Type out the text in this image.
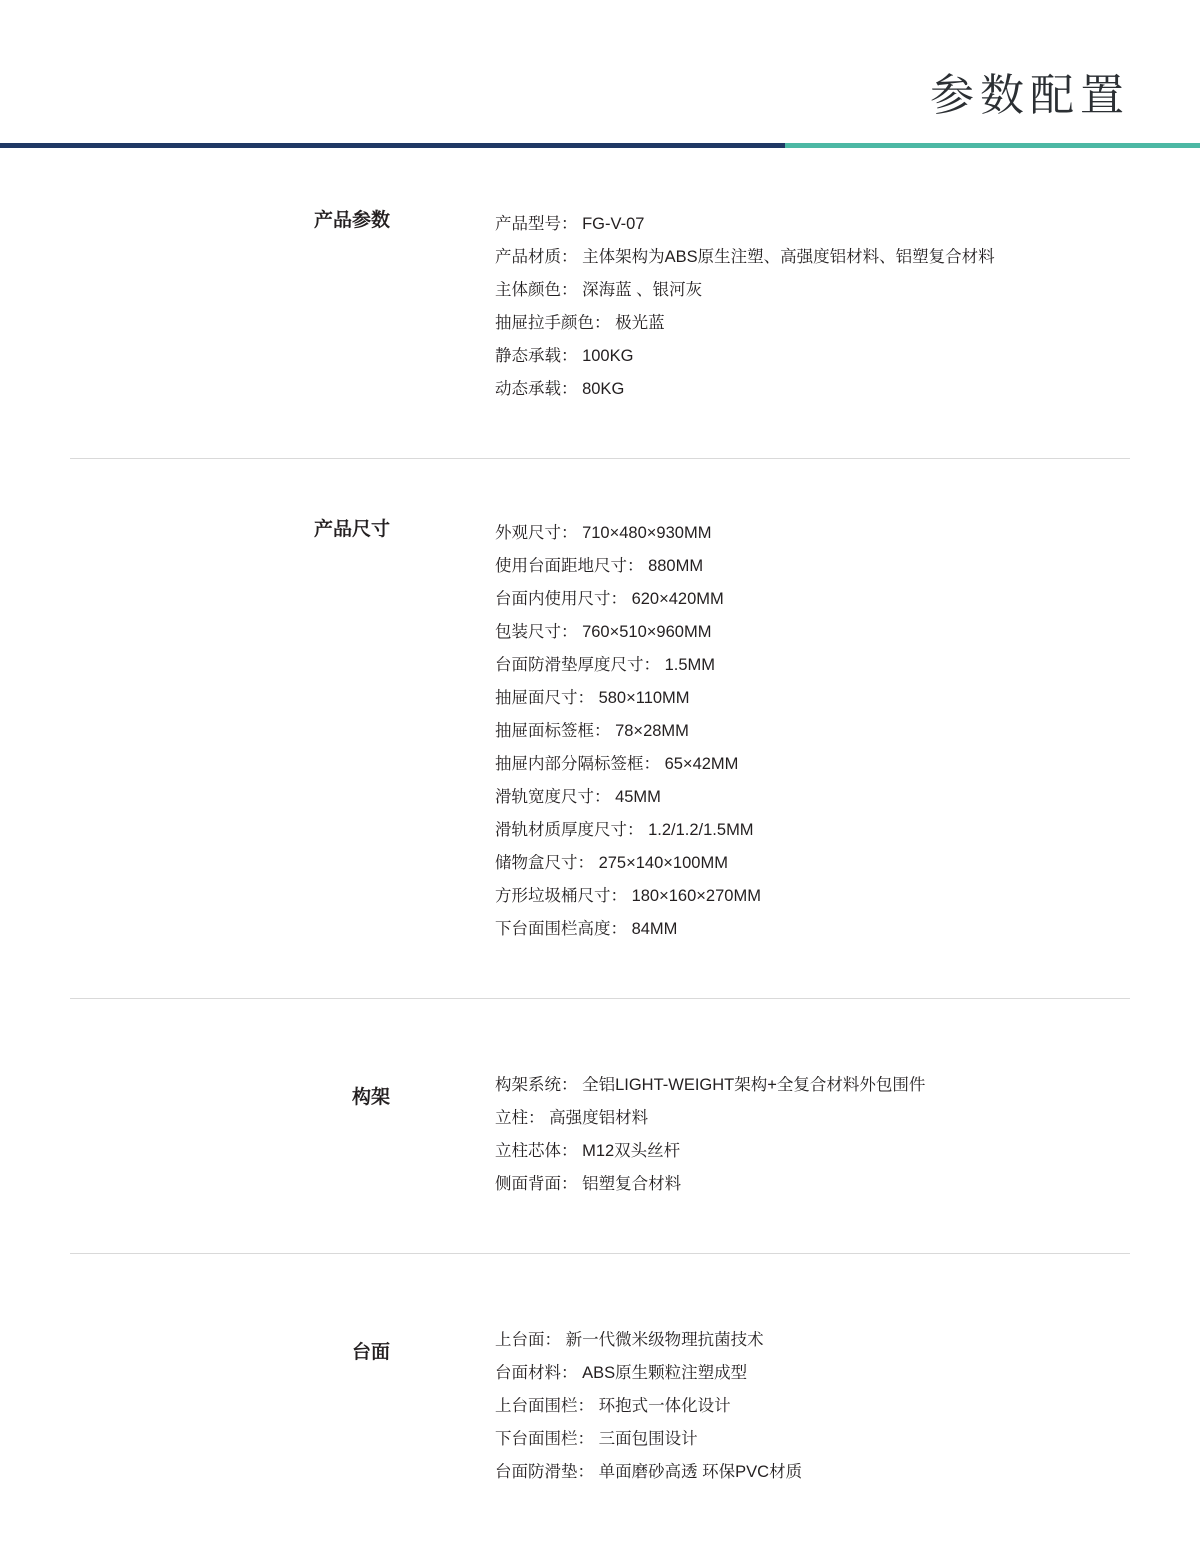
参数配置
产品参数	产品型号： FG-V-07
产品材质： 主体架构为ABS原生注塑、高强度铝材料、铝塑复合材料
主体颜色： 深海蓝 、银河灰
抽屉拉手颜色： 极光蓝
静态承载： 100KG
动态承载： 80KG
产品尺寸	外观尺寸： 710×480×930MM
使用台面距地尺寸： 880MM
台面内使用尺寸： 620×420MM
包装尺寸： 760×510×960MM
台面防滑垫厚度尺寸： 1.5MM
抽屉面尺寸： 580×110MM
抽屉面标签框： 78×28MM
抽屉内部分隔标签框： 65×42MM
滑轨宽度尺寸： 45MM
滑轨材质厚度尺寸： 1.2/1.2/1.5MM
储物盒尺寸： 275×140×100MM
方形垃圾桶尺寸： 180×160×270MM
下台面围栏高度： 84MM
构架
构架系统： 全铝LIGHT-WEIGHT架构+全复合材料外包围件
立柱： 高强度铝材料
立柱芯体： M12双头丝杆
侧面背面： 铝塑复合材料
台面
上台面： 新一代微米级物理抗菌技术
台面材料： ABS原生颗粒注塑成型
上台面围栏： 环抱式一体化设计
下台面围栏： 三面包围设计
台面防滑垫： 单面磨砂高透 环保PVC材质
